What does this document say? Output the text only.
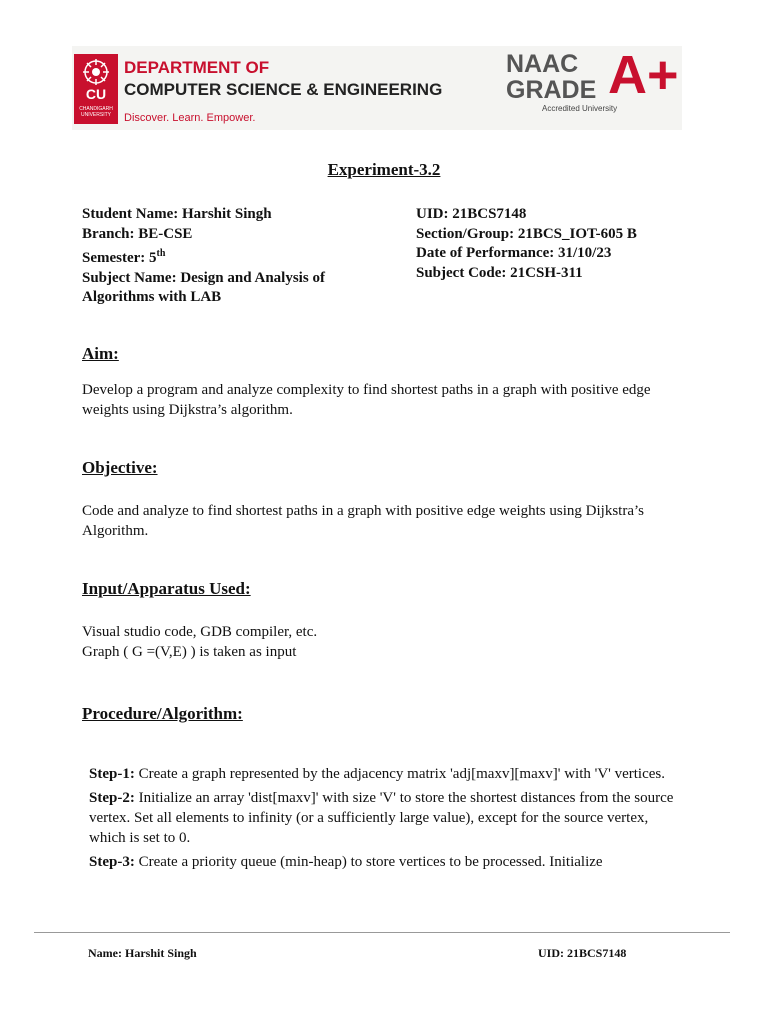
CU
CHANDIGARH UNIVERSITY
DEPARTMENT OF
COMPUTER SCIENCE & ENGINEERING
Discover. Learn. Empower.
NAAC
GRADE A+
Accredited University
Experiment-3.2
Student Name: Harshit Singh
Branch: BE-CSE
Semester: 5th
Subject Name: Design and Analysis of
Algorithms with LAB
UID: 21BCS7148
Section/Group: 21BCS_IOT-605 B
Date of Performance: 31/10/23
Subject Code: 21CSH-311
Aim:
Develop a program and analyze complexity to find shortest paths in a graph with positive edge weights using Dijkstra’s algorithm.
Objective:
Code and analyze to find shortest paths in a graph with positive edge weights using Dijkstra’s Algorithm.
Input/Apparatus Used:
Visual studio code, GDB compiler, etc.
Graph ( G =(V,E) ) is taken as input
Procedure/Algorithm:

Step-1: Create a graph represented by the adjacency matrix 'adj[maxv][maxv]' with 'V' vertices.

Step-2: Initialize an array 'dist[maxv]' with size 'V' to store the shortest distances from the source vertex. Set all elements to infinity (or a sufficiently large value), except for the source vertex, which is set to 0.

Step-3: Create a priority queue (min-heap) to store vertices to be processed. Initialize

Name: Harshit Singh	UID: 21BCS7148
